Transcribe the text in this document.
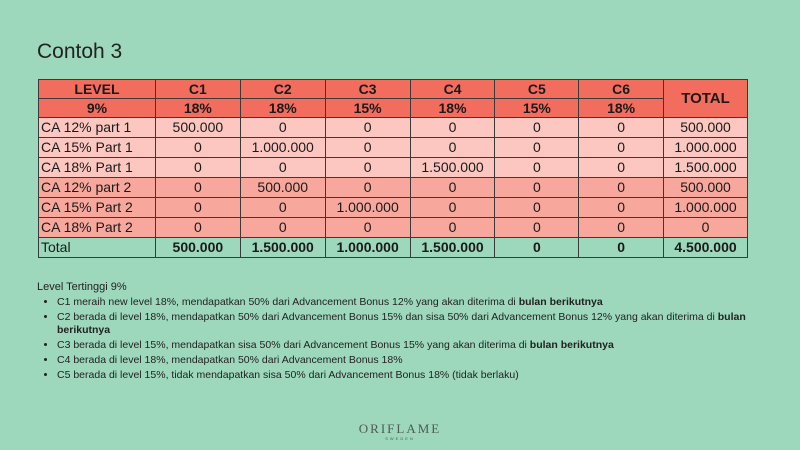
Contoh 3
LEVEL	C1	C2	C3	C4	C5	C6	TOTAL
9%	18%	18%	15%	18%	15%	18%	
CA 12% part 1	500.000	0	0	0	0	0	500.000
CA 15% Part 1	0	1.000.000	0	0	0	0	1.000.000
CA 18% Part 1	0	0	0	1.500.000	0	0	1.500.000
CA 12% part 2	0	500.000	0	0	0	0	500.000
CA 15% Part 2	0	0	1.000.000	0	0	0	1.000.000
CA 18% Part 2	0	0	0	0	0	0	0
Total	500.000	1.500.000	1.000.000	1.500.000	0	0	4.500.000
Level Tertinggi 9%
• C1 meraih new level 18%, mendapatkan 50% dari Advancement Bonus 12% yang akan diterima di bulan berikutnya
• C2 berada di level 18%, mendapatkan 50% dari Advancement Bonus 15% dan sisa 50% dari Advancement Bonus 12% yang akan diterima di bulan berikutnya
• C3 berada di level 15%, mendapatkan sisa 50% dari Advancement Bonus 15% yang akan diterima di bulan berikutnya
• C4 berada di level 18%, mendapatkan 50% dari Advancement Bonus 18%
• C5 berada di level 15%, tidak mendapatkan sisa 50% dari Advancement Bonus 18% (tidak berlaku)
ORIFLAME
SWEDEN
